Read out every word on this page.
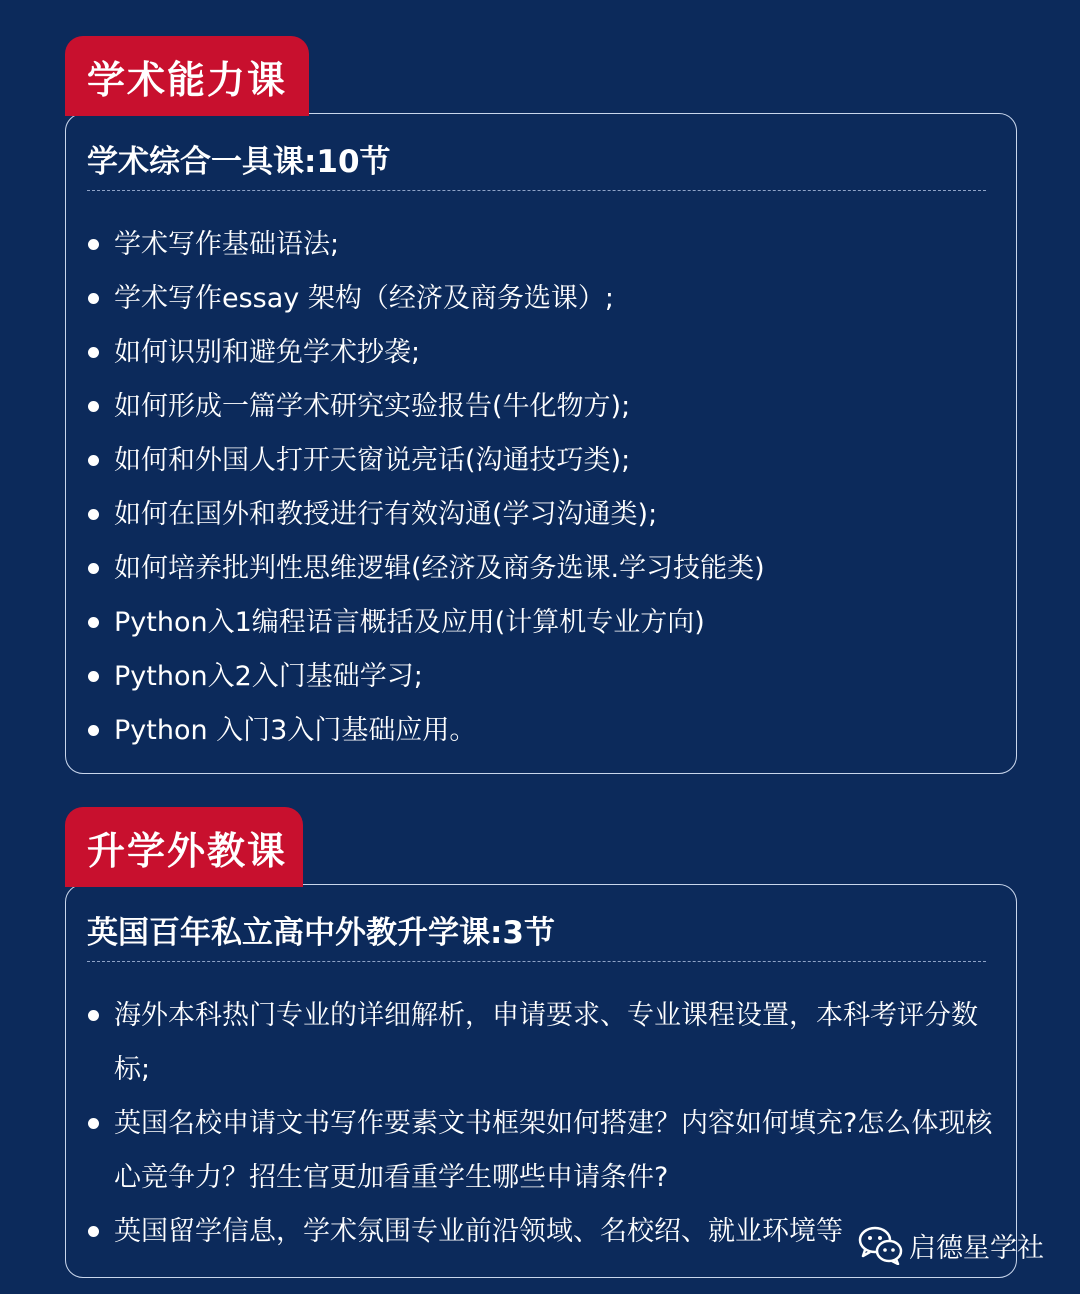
学术能力课
学术综合一具课:10节
学术写作基础语法;
学术写作essay 架构（经济及商务选课）;
如何识别和避免学术抄袭;
如何形成一篇学术研究实验报告(牛化物方);
如何和外国人打开天窗说亮话(沟通技巧类);
如何在国外和教授进行有效沟通(学习沟通类);
如何培养批判性思维逻辑(经济及商务选课.学习技能类)
Python入1编程语言概括及应用(计算机专业方向)
Python入2入门基础学习;
Python 入门3入门基础应用。
升学外教课
英国百年私立高中外教升学课:3节
海外本科热门专业的详细解析，申请要求、专业课程设置，本科考评分数标;
英国名校申请文书写作要素文书框架如何搭建？内容如何填充?怎么体现核心竞争力？招生官更加看重学生哪些申请条件?
英国留学信息，学术氛围专业前沿领域、名校绍、就业环境等
启德星学社
